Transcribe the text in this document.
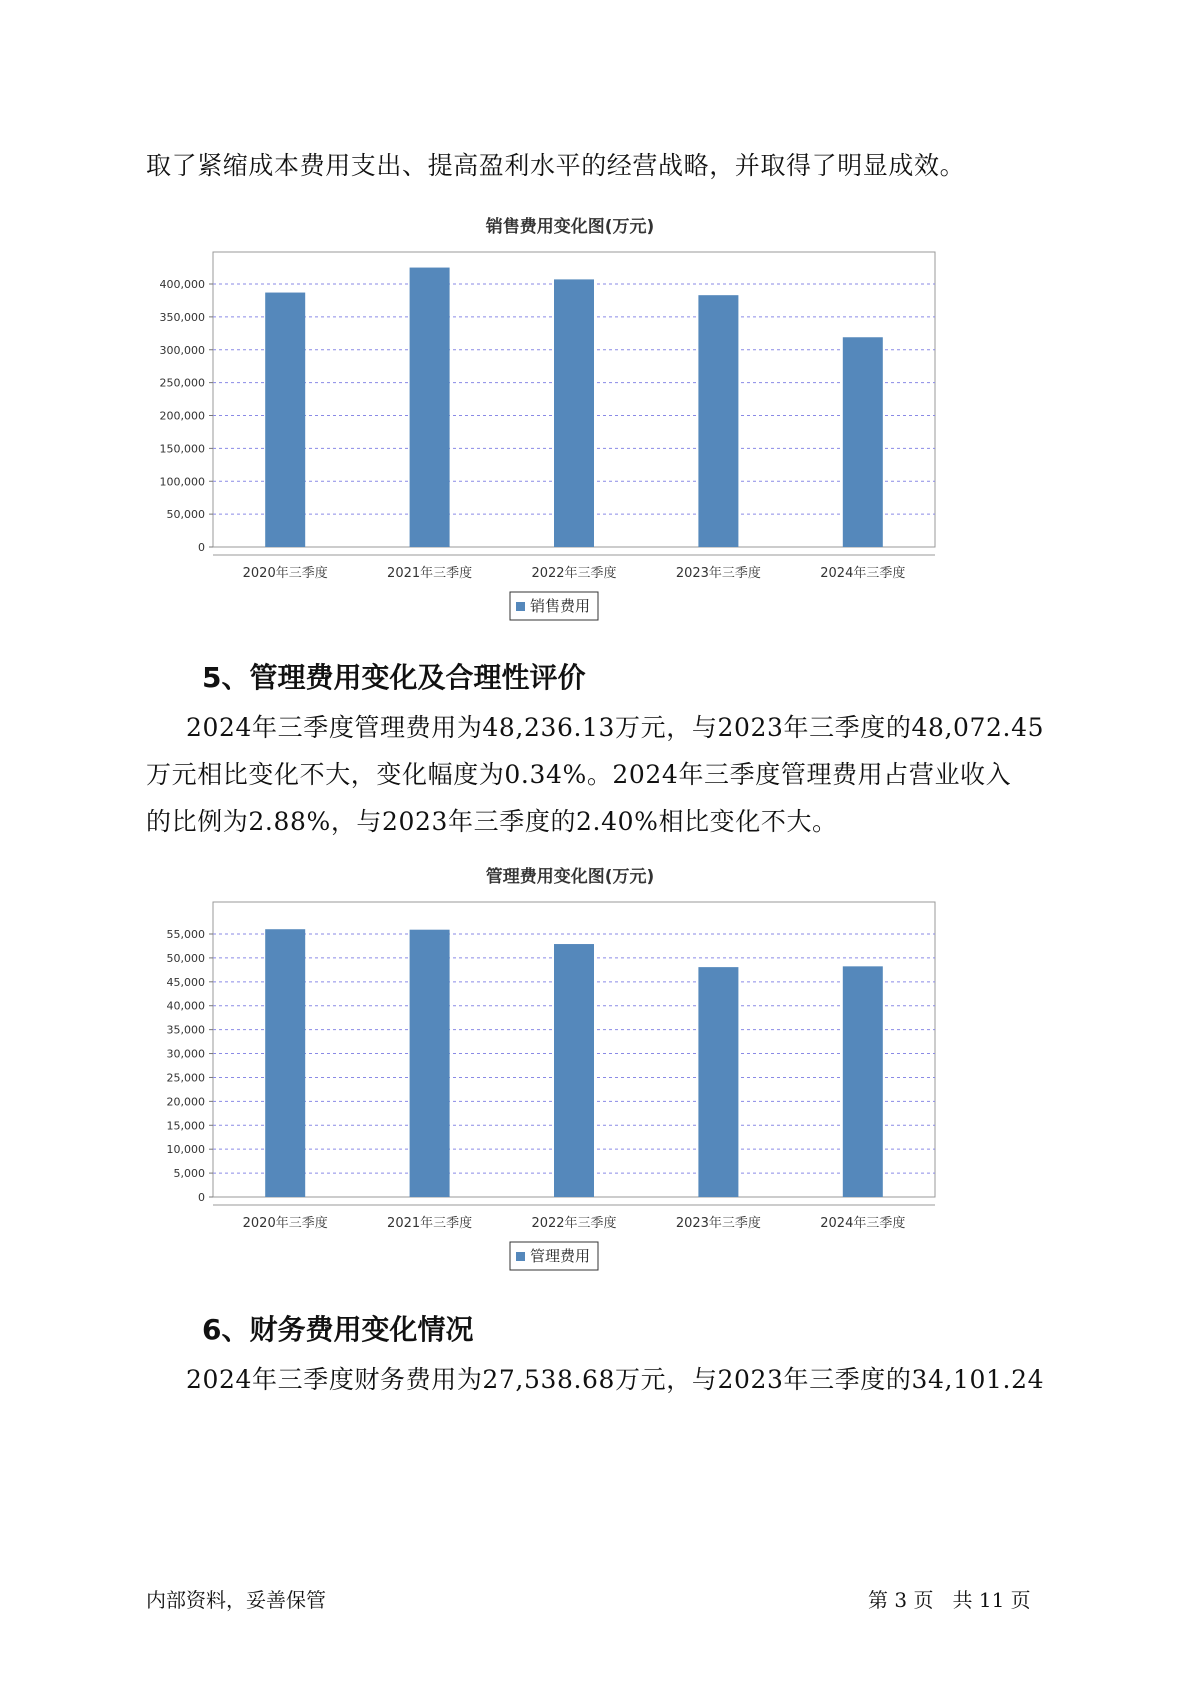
取了紧缩成本费用支出、提高盈利水平的经营战略，并取得了明显成效。
销售费用变化图(万元)
0
50,000
100,000
150,000
200,000
250,000
300,000
350,000
400,000
2020年三季度	2021年三季度	2022年三季度	2023年三季度	2024年三季度
销售费用
5、管理费用变化及合理性评价
2024年三季度管理费用为48,236.13万元，与2023年三季度的48,072.45
万元相比变化不大，变化幅度为0.34%。2024年三季度管理费用占营业收入
的比例为2.88%，与2023年三季度的2.40%相比变化不大。
管理费用变化图(万元)
0
5,000
10,000
15,000
20,000
25,000
30,000
35,000
40,000
45,000
50,000
55,000
2020年三季度	2021年三季度	2022年三季度	2023年三季度	2024年三季度
管理费用
6、财务费用变化情况
2024年三季度财务费用为27,538.68万元，与2023年三季度的34,101.24
内部资料，妥善保管	第 3 页   共 11 页
